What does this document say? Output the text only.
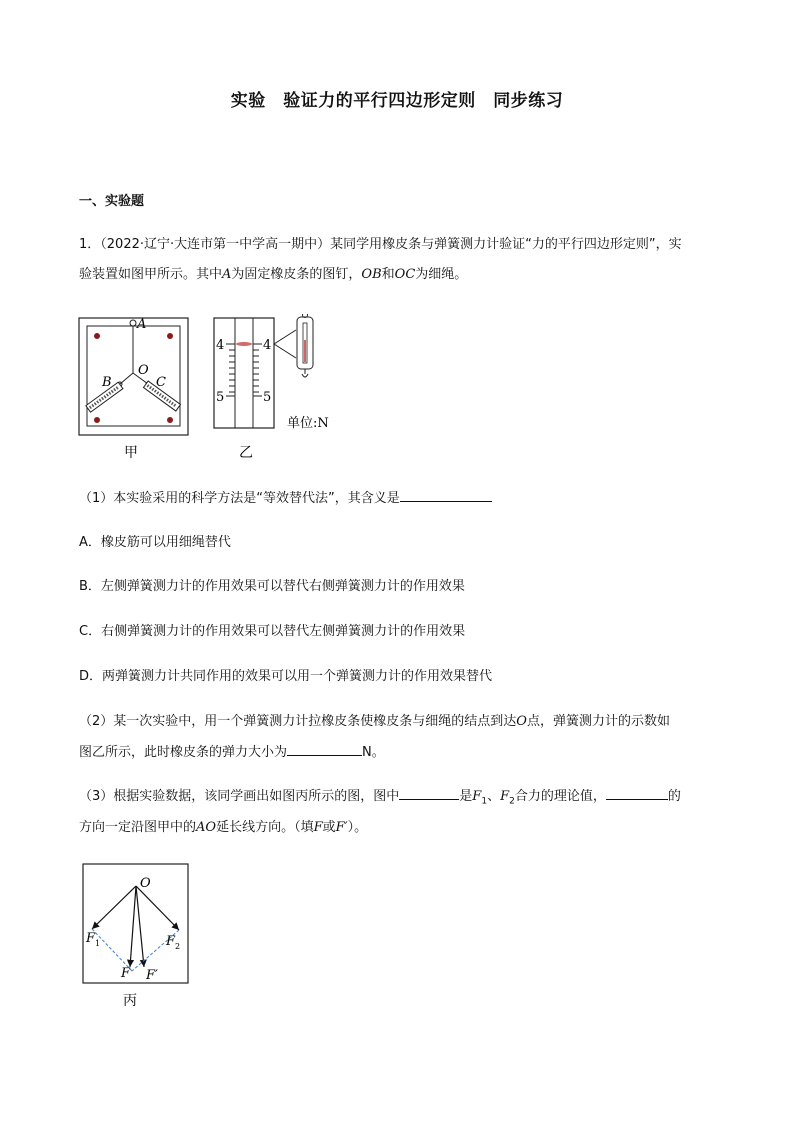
实验　验证力的平行四边形定则　同步练习
一、实验题
1．（2022·辽宁·大连市第一中学高一期中）某同学用橡皮条与弹簧测力计验证“力的平行四边形定则”，实
验装置如图甲所示。其中A为固定橡皮条的图钉，OB和OC为细绳。
A
O
B	C
4	4
5	5
单位:N
甲	乙
（1）本实验采用的科学方法是“等效替代法”，其含义是
A．橡皮筋可以用细绳替代
B．左侧弹簧测力计的作用效果可以替代右侧弹簧测力计的作用效果
C．右侧弹簧测力计的作用效果可以替代左侧弹簧测力计的作用效果
D．两弹簧测力计共同作用的效果可以用一个弹簧测力计的作用效果替代
（2）某一次实验中，用一个弹簧测力计拉橡皮条使橡皮条与细绳的结点到达O点，弹簧测力计的示数如
图乙所示，此时橡皮条的弹力大小为	N。
（3）根据实验数据，该同学画出如图丙所示的图，图中	是$F_1$、$F_2$合力的理论值，	的
方向一定沿图甲中的AO延长线方向。（填F或F′）。
O
F 1	F 2
F F′
丙
